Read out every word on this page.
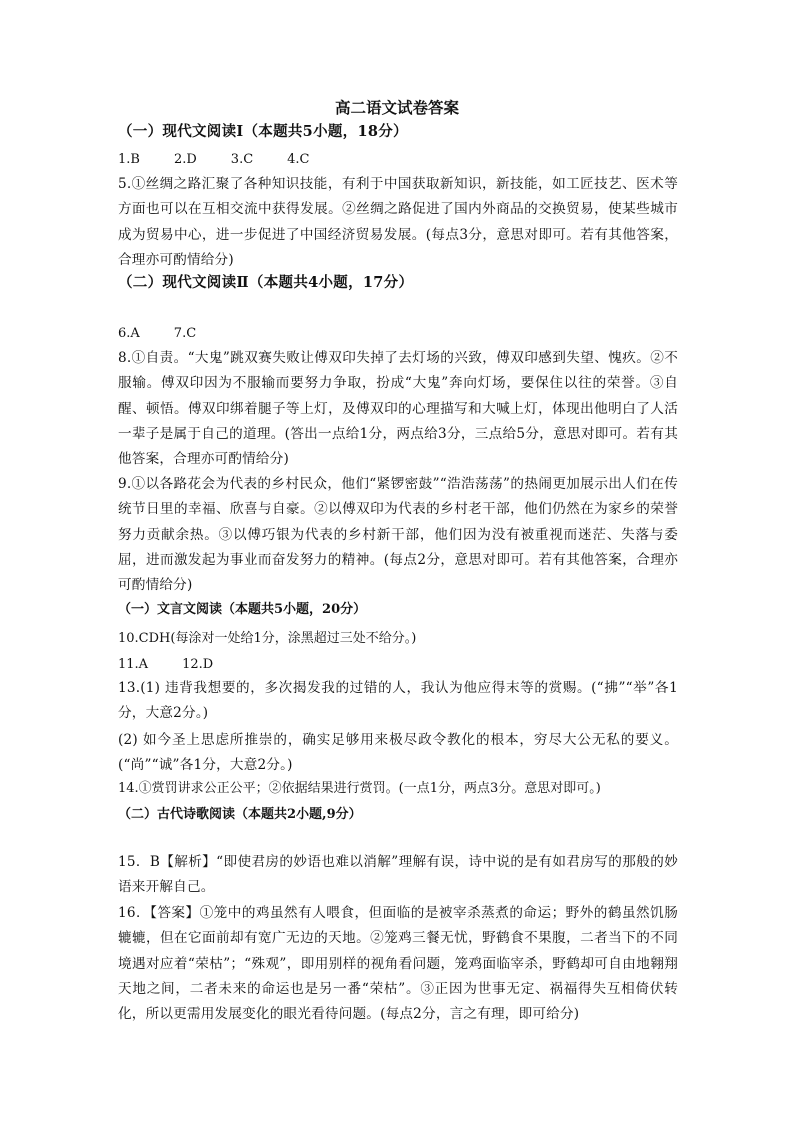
高二语文试卷答案
（一）现代文阅读Ⅰ（本题共5小题，18分）
1.B	2.D	3.C	4.C

5.①丝绸之路汇聚了各种知识技能，有利于中国获取新知识，新技能，如工匠技艺、医术等方面也可以在互相交流中获得发展。②丝绸之路促进了国内外商品的交换贸易，使某些城市成为贸易中心，进一步促进了中国经济贸易发展。(每点3分，意思对即可。若有其他答案，合理亦可酌情给分)

（二）现代文阅读Ⅱ（本题共4小题，17分）
6.A	7.C

8.①自责。“大鬼”跳双赛失败让傅双印失掉了去灯场的兴致，傅双印感到失望、愧疚。②不服输。傅双印因为不服输而要努力争取，扮成“大鬼”奔向灯场，要保住以往的荣誉。③自醒、顿悟。傅双印绑着腿子等上灯，及傅双印的心理描写和大喊上灯，体现出他明白了人活一辈子是属于自己的道理。(答出一点给1分，两点给3分，三点给5分，意思对即可。若有其他答案，合理亦可酌情给分)

9.①以各路花会为代表的乡村民众，他们“紧锣密鼓”“浩浩荡荡”的热闹更加展示出人们在传统节日里的幸福、欣喜与自豪。②以傅双印为代表的乡村老干部，他们仍然在为家乡的荣誉努力贡献余热。③以傅巧银为代表的乡村新干部，他们因为没有被重视而迷茫、失落与委屈，进而激发起为事业而奋发努力的精神。(每点2分，意思对即可。若有其他答案，合理亦可酌情给分)

（一）文言文阅读（本题共5小题，20分）
10.CDH(每涂对一处给1分，涂黑超过三处不给分。)
11.A	12.D

13.(1) 违背我想要的，多次揭发我的过错的人，我认为他应得末等的赏赐。(“拂”“举”各1分，大意2分。)

(2) 如今圣上思虑所推崇的，确实足够用来极尽政令教化的根本，穷尽大公无私的要义。(“尚”“诚”各1分，大意2分。)

14.①赏罚讲求公正公平；②依据结果进行赏罚。(一点1分，两点3分。意思对即可。)
（二）古代诗歌阅读（本题共2小题,9分）

15．B【解析】“即使君房的妙语也难以消解”理解有误，诗中说的是有如君房写的那般的妙语来开解自己。

16．【答案】①笼中的鸡虽然有人喂食，但面临的是被宰杀蒸煮的命运；野外的鹤虽然饥肠辘辘，但在它面前却有宽广无边的天地。②笼鸡三餐无忧，野鹤食不果腹，二者当下的不同境遇对应着“荣枯”；“殊观”，即用别样的视角看问题，笼鸡面临宰杀，野鹤却可自由地翱翔天地之间，二者未来的命运也是另一番“荣枯”。③正因为世事无定、祸福得失互相倚伏转化，所以更需用发展变化的眼光看待问题。(每点2分，言之有理，即可给分)
